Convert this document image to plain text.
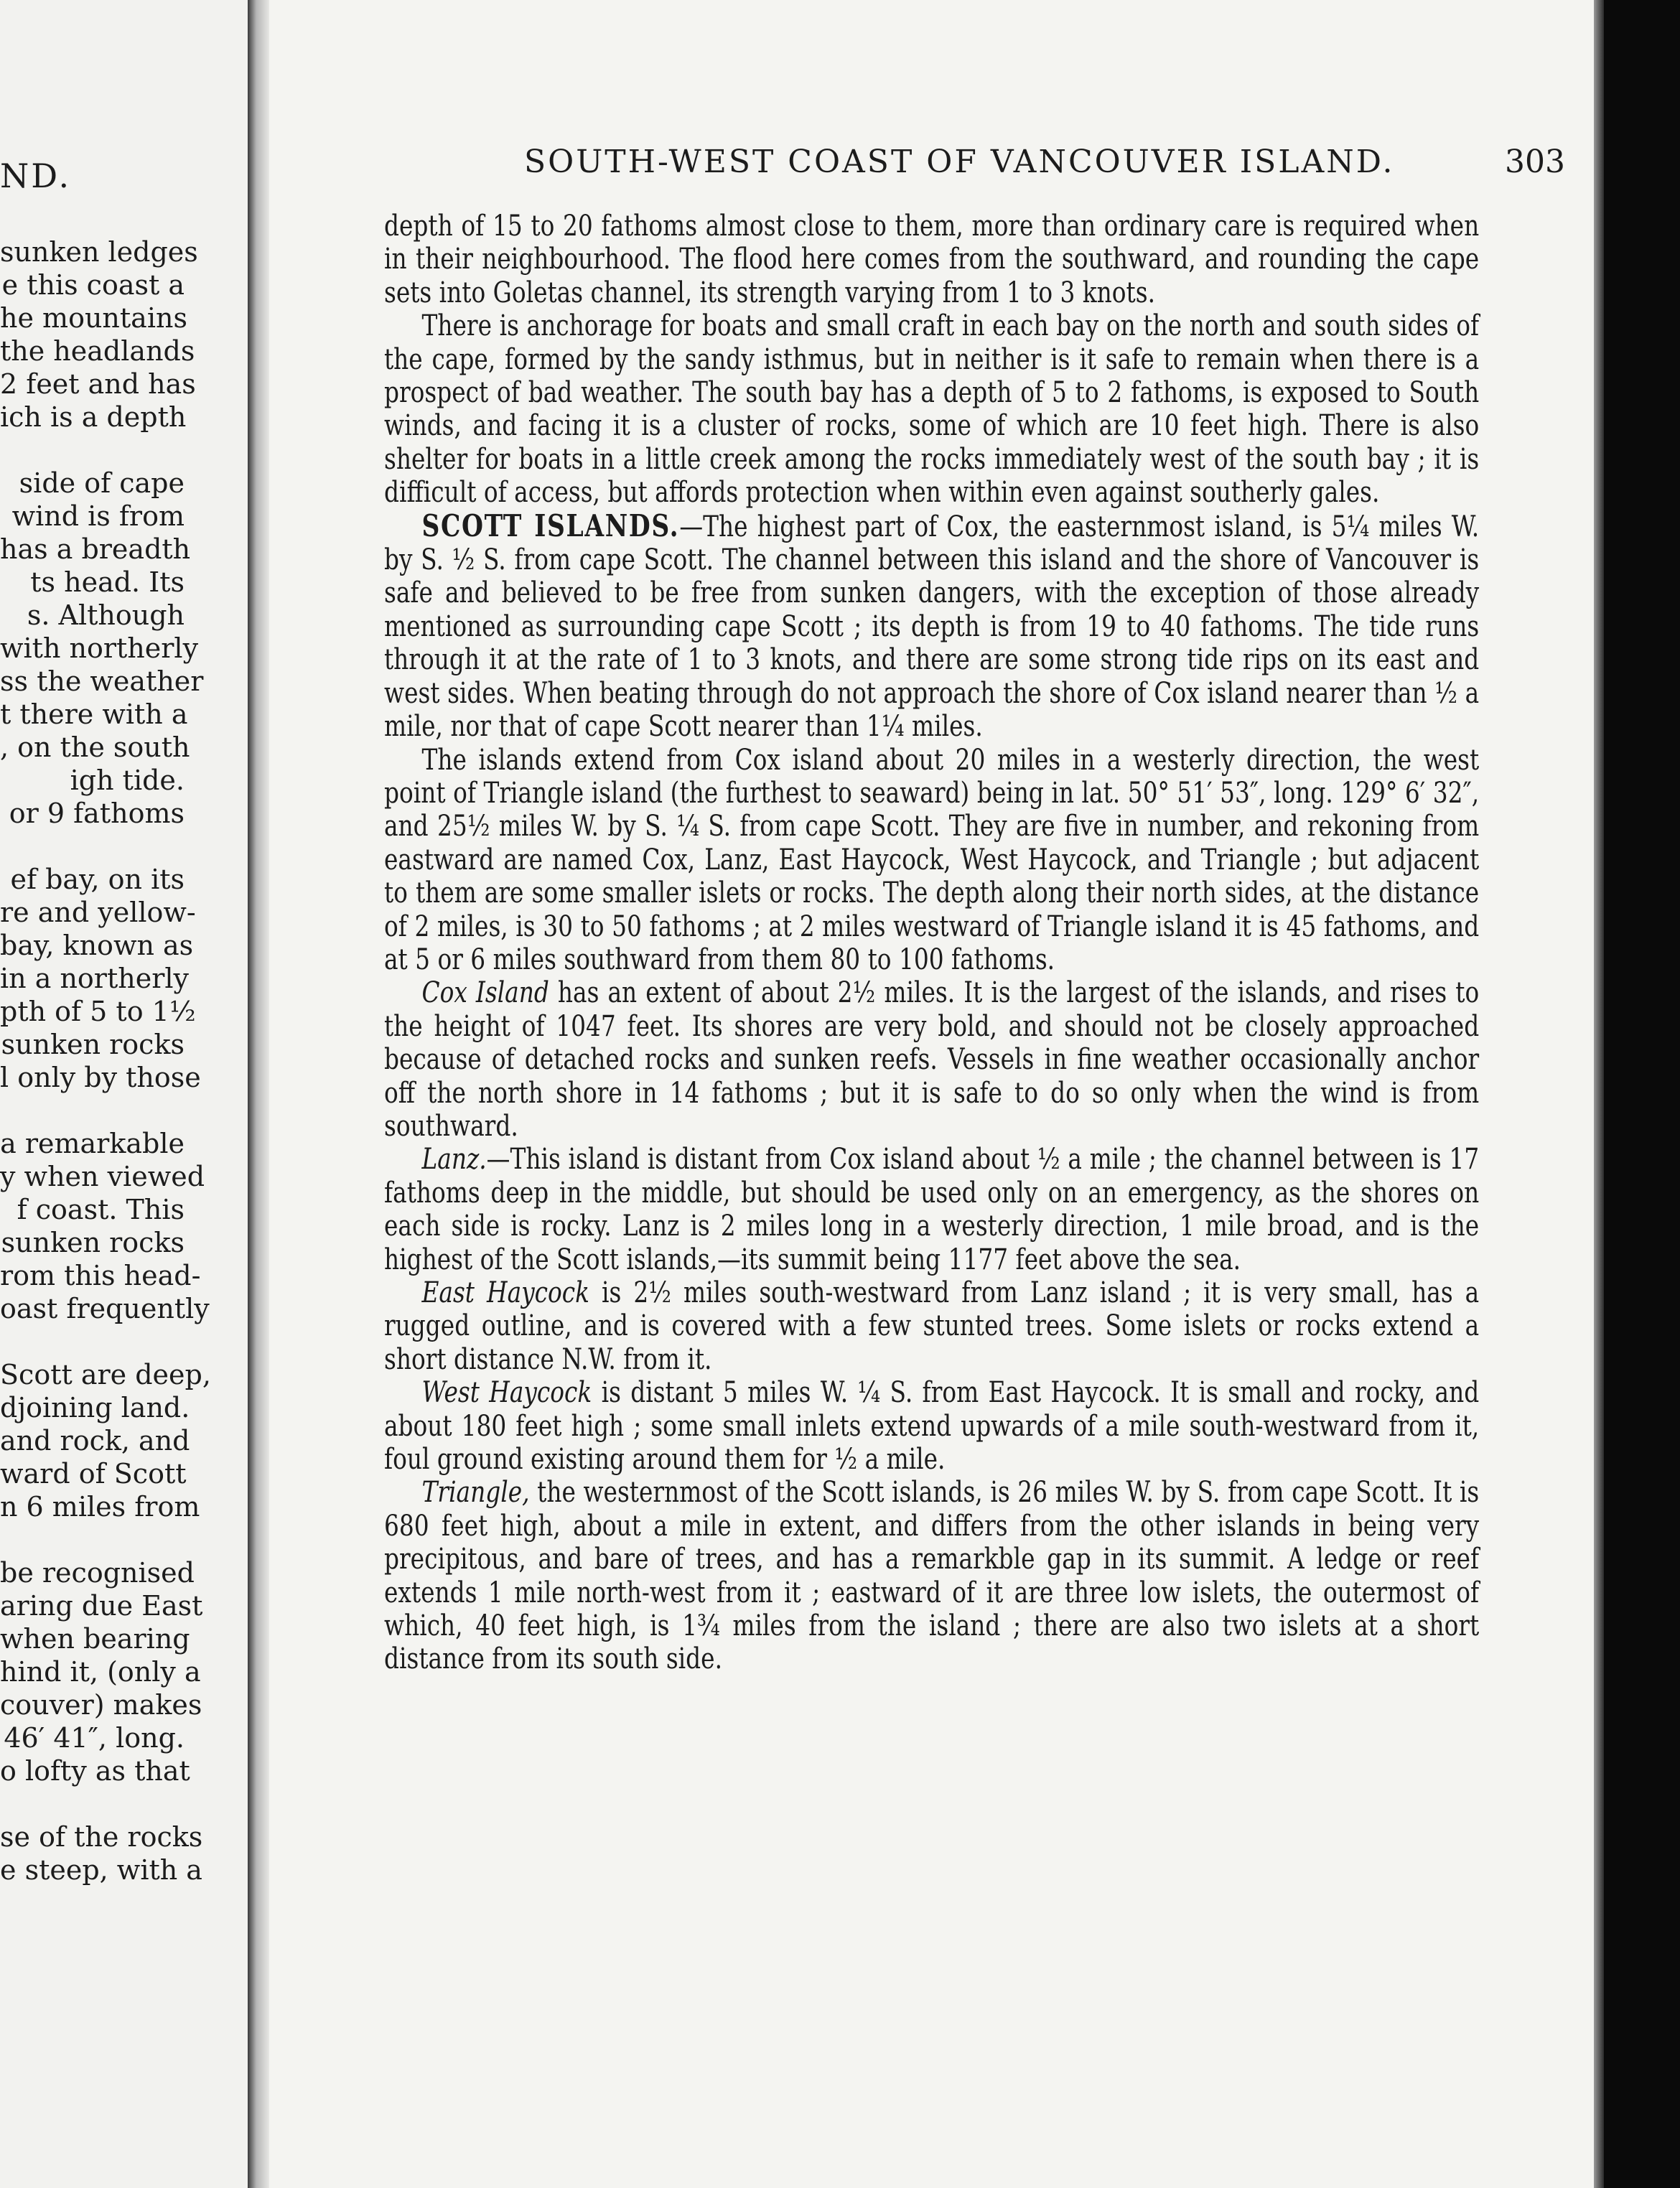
ND.
sunken ledges
e this coast a
he mountains
the headlands
2 feet and has
ich is a depth
side of cape
wind is from
has a breadth
ts head. Its
s. Although
with northerly
ss the weather
t there with a
, on the south
igh tide.
or 9 fathoms
ef bay, on its
re and yellow-
bay, known as
in a northerly
pth of 5 to 1½
sunken rocks
l only by those
a remarkable
y when viewed
f coast. This
sunken rocks
rom this head-
oast frequently
Scott are deep,
djoining land.
and rock, and
ward of Scott
n 6 miles from
be recognised
aring due East
when bearing
hind it, (only a
couver) makes
46′ 41″, long.
o lofty as that
se of the rocks
e steep, with a
SOUTH-WEST COAST OF VANCOUVER ISLAND.	303

depth of 15 to 20 fathoms almost close to them, more than ordinary care is required when in their neighbourhood. The flood here comes from the southward, and rounding the cape sets into Goletas channel, its strength varying from 1 to 3 knots.

There is anchorage for boats and small craft in each bay on the north and south sides of the cape, formed by the sandy isthmus, but in neither is it safe to remain when there is a prospect of bad weather. The south bay has a depth of 5 to 2 fathoms, is exposed to South winds, and facing it is a cluster of rocks, some of which are 10 feet high. There is also shelter for boats in a little creek among the rocks immediately west of the south bay ; it is difficult of access, but affords protection when within even against southerly gales.

SCOTT ISLANDS.—The highest part of Cox, the easternmost island, is 5¼ miles W. by S. ½ S. from cape Scott. The channel between this island and the shore of Vancouver is safe and believed to be free from sunken dangers, with the exception of those already mentioned as surrounding cape Scott ; its depth is from 19 to 40 fathoms. The tide runs through it at the rate of 1 to 3 knots, and there are some strong tide rips on its east and west sides. When beating through do not approach the shore of Cox island nearer than ½ a mile, nor that of cape Scott nearer than 1¼ miles.

The islands extend from Cox island about 20 miles in a westerly direction, the west point of Triangle island (the furthest to seaward) being in lat. 50° 51′ 53″, long. 129° 6′ 32″, and 25½ miles W. by S. ¼ S. from cape Scott. They are five in number, and rekoning from eastward are named Cox, Lanz, East Haycock, West Haycock, and Triangle ; but adjacent to them are some smaller islets or rocks. The depth along their north sides, at the distance of 2 miles, is 30 to 50 fathoms ; at 2 miles westward of Triangle island it is 45 fathoms, and at 5 or 6 miles southward from them 80 to 100 fathoms.

Cox Island has an extent of about 2½ miles. It is the largest of the islands, and rises to the height of 1047 feet. Its shores are very bold, and should not be closely approached because of detached rocks and sunken reefs. Vessels in fine weather occasionally anchor off the north shore in 14 fathoms ; but it is safe to do so only when the wind is from southward.

Lanz.—This island is distant from Cox island about ½ a mile ; the channel between is 17 fathoms deep in the middle, but should be used only on an emergency, as the shores on each side is rocky. Lanz is 2 miles long in a westerly direction, 1 mile broad, and is the highest of the Scott islands,—its summit being 1177 feet above the sea.

East Haycock is 2½ miles south-westward from Lanz island ; it is very small, has a rugged outline, and is covered with a few stunted trees. Some islets or rocks extend a short distance N.W. from it.

West Haycock is distant 5 miles W. ¼ S. from East Haycock. It is small and rocky, and about 180 feet high ; some small inlets extend upwards of a mile south-westward from it, foul ground existing around them for ½ a mile.

Triangle, the westernmost of the Scott islands, is 26 miles W. by S. from cape Scott. It is 680 feet high, about a mile in extent, and differs from the other islands in being very precipitous, and bare of trees, and has a remarkble gap in its summit. A ledge or reef extends 1 mile north-west from it ; eastward of it are three low islets, the outermost of which, 40 feet high, is 1¾ miles from the island ; there are also two islets at a short distance from its south side.
